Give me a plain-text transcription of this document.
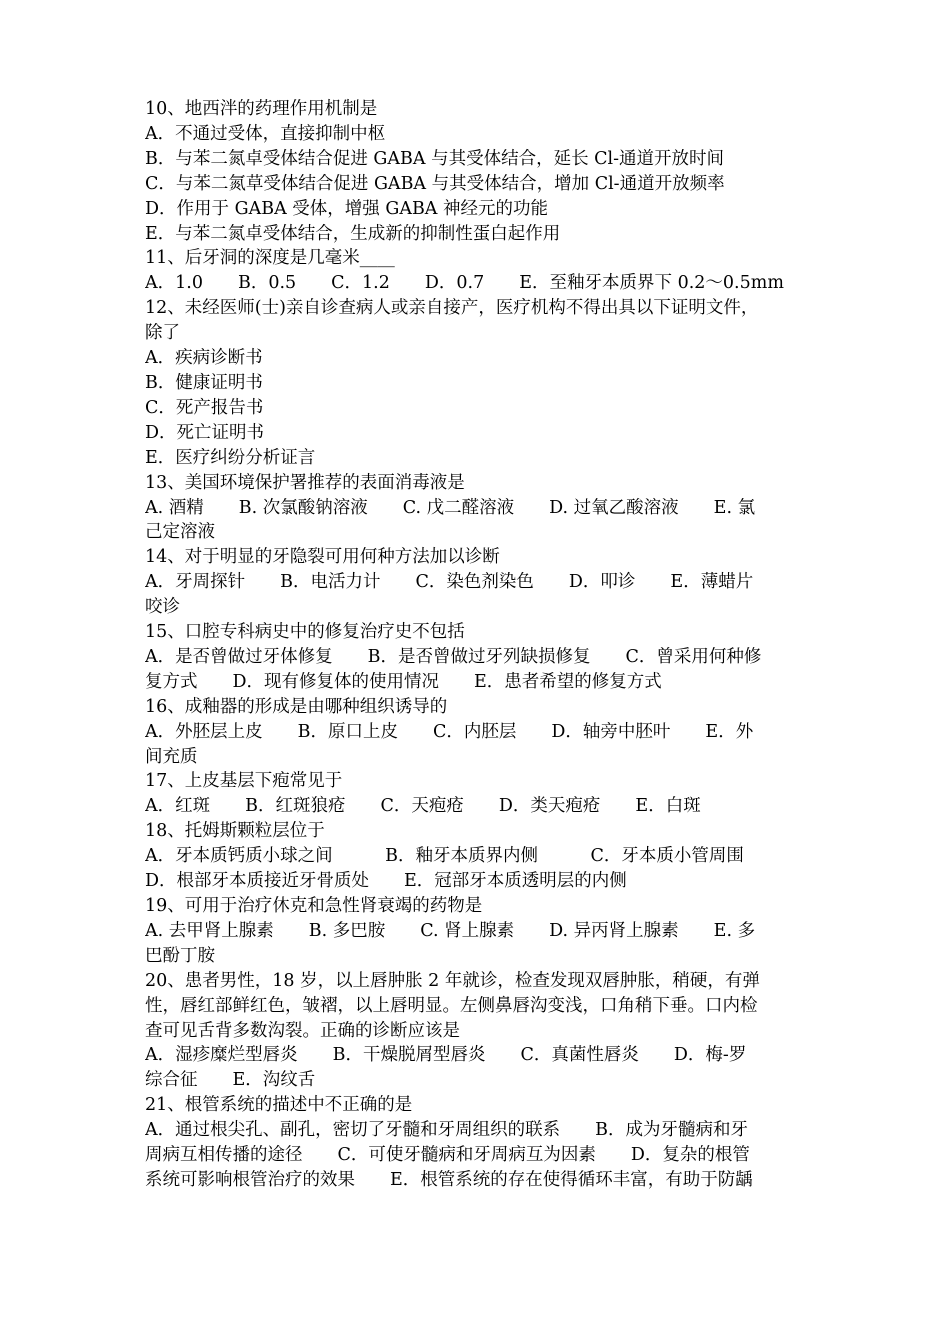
10、地西泮的药理作用机制是
A．不通过受体，直接抑制中枢
B．与苯二氮卓受体结合促进 GABA 与其受体结合，延长 Cl-通道开放时间
C．与苯二氮草受体结合促进 GABA 与其受体结合，增加 Cl-通道开放频率
D．作用于 GABA 受体，增强 GABA 神经元的功能
E．与苯二氮卓受体结合，生成新的抑制性蛋白起作用
11、后牙洞的深度是几毫米____
A．1.0　　B．0.5　　C．1.2　　D．0.7　　E．至釉牙本质界下 0.2～0.5mm
12、未经医师(士)亲自诊查病人或亲自接产，医疗机构不得出具以下证明文件，
除了
A．疾病诊断书
B．健康证明书
C．死产报告书
D．死亡证明书
E．医疗纠纷分析证言
13、美国环境保护署推荐的表面消毒液是
A. 酒精　　B. 次氯酸钠溶液　　C. 戊二醛溶液　　D. 过氧乙酸溶液　　E. 氯
己定溶液
14、对于明显的牙隐裂可用何种方法加以诊断
A．牙周探针　　B．电活力计　　C．染色剂染色　　D．叩诊　　E．薄蜡片
咬诊
15、口腔专科病史中的修复治疗史不包括
A．是否曾做过牙体修复　　B．是否曾做过牙列缺损修复　　C．曾采用何种修
复方式　　D．现有修复体的使用情况　　E．患者希望的修复方式
16、成釉器的形成是由哪种组织诱导的
A．外胚层上皮　　B．原口上皮　　C．内胚层　　D．轴旁中胚叶　　E．外
间充质
17、上皮基层下疱常见于
A．红斑　　B．红斑狼疮　　C．天疱疮　　D．类天疱疮　　E．白斑
18、托姆斯颗粒层位于
A．牙本质钙质小球之间　　　B．釉牙本质界内侧　　　C．牙本质小管周围
D．根部牙本质接近牙骨质处　　E．冠部牙本质透明层的内侧
19、可用于治疗休克和急性肾衰竭的药物是
A. 去甲肾上腺素　　B. 多巴胺　　C. 肾上腺素　　D. 异丙肾上腺素　　E. 多
巴酚丁胺
20、患者男性，18 岁，以上唇肿胀 2 年就诊，检查发现双唇肿胀，稍硬，有弹
性，唇红部鲜红色，皱褶，以上唇明显。左侧鼻唇沟变浅，口角稍下垂。口内检
查可见舌背多数沟裂。正确的诊断应该是
A．湿疹糜烂型唇炎　　B．干燥脱屑型唇炎　　C．真菌性唇炎　　D．梅-罗
综合征　　E．沟纹舌
21、根管系统的描述中不正确的是
A．通过根尖孔、副孔，密切了牙髓和牙周组织的联系　　B．成为牙髓病和牙
周病互相传播的途径　　C．可使牙髓病和牙周病互为因素　　D．复杂的根管
系统可影响根管治疗的效果　　E．根管系统的存在使得循环丰富，有助于防龋
